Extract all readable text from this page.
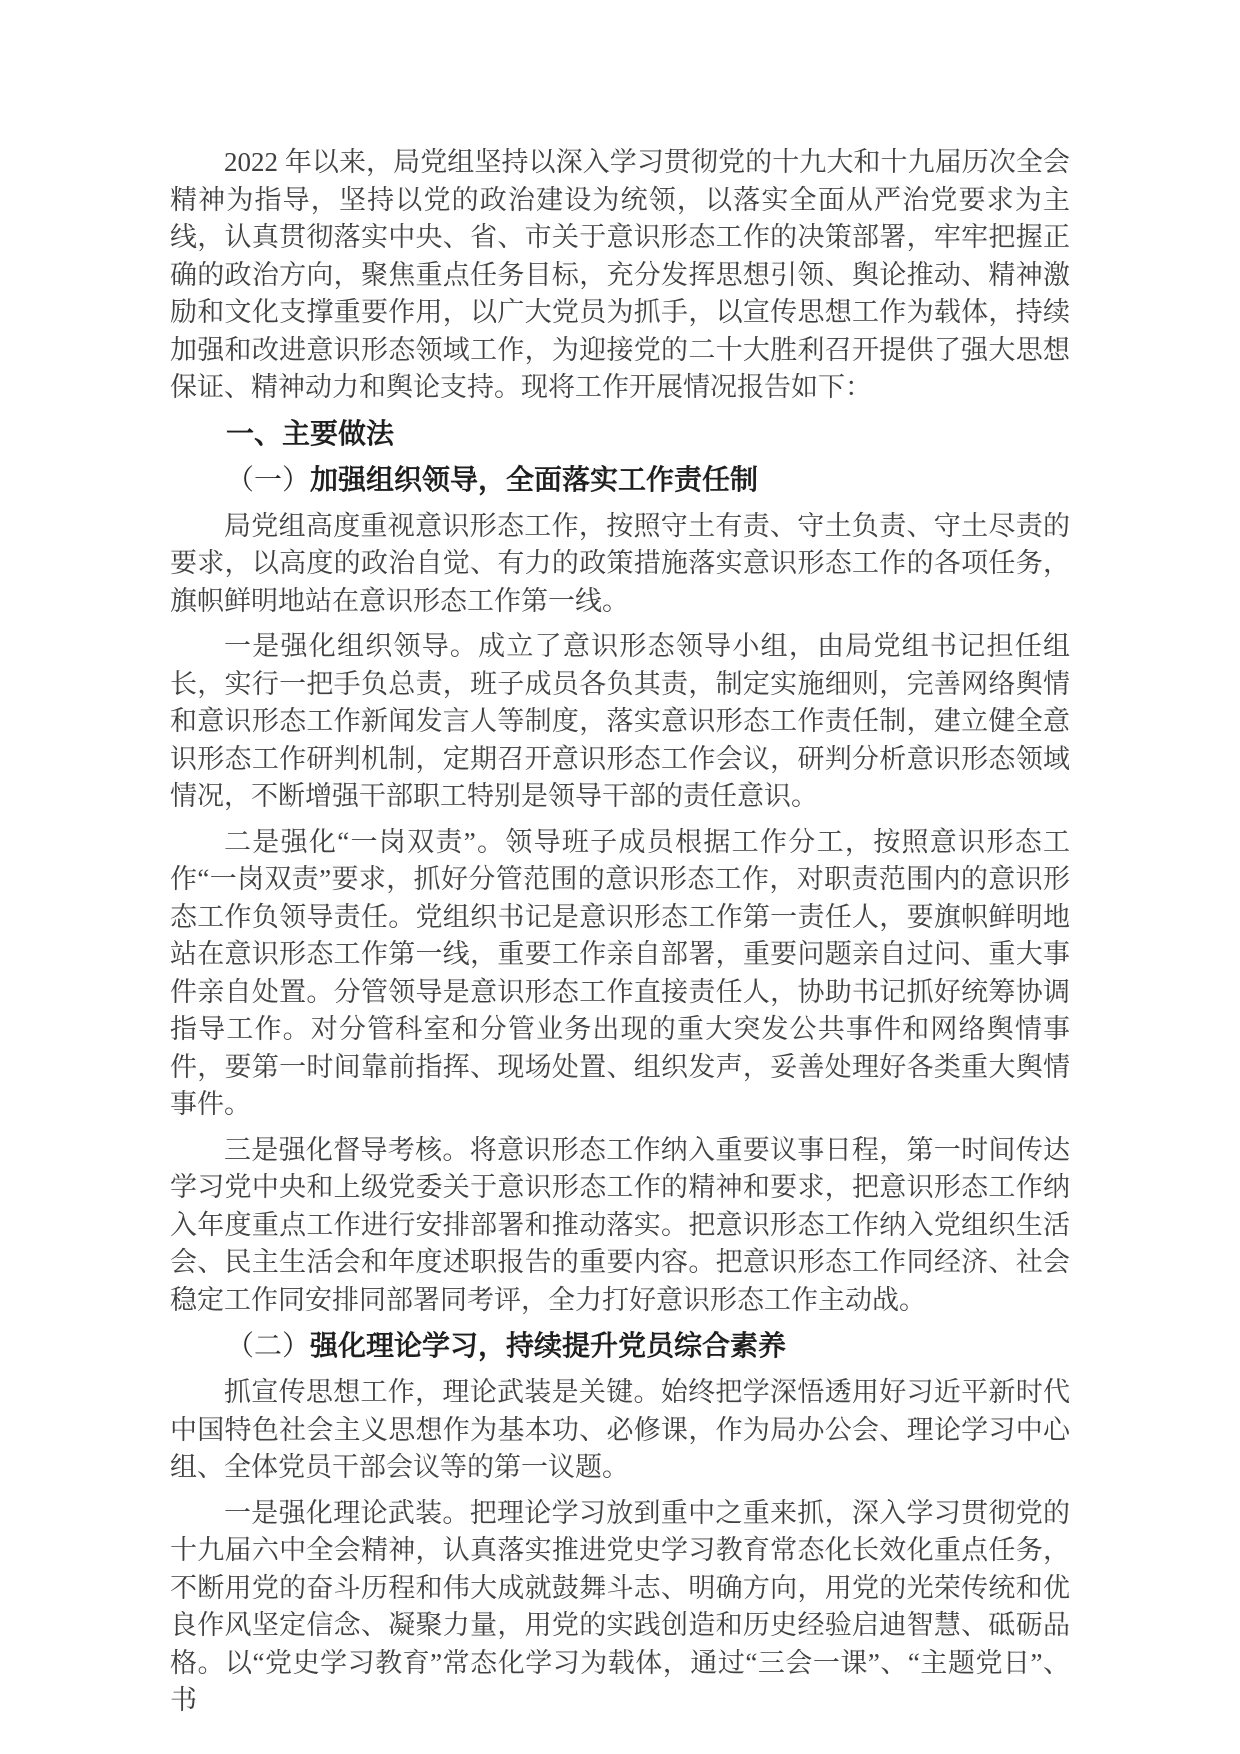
2022 年以来，局党组坚持以深入学习贯彻党的十九大和十九届历次全会精神为指导，坚持以党的政治建设为统领，以落实全面从严治党要求为主线，认真贯彻落实中央、省、市关于意识形态工作的决策部署，牢牢把握正确的政治方向，聚焦重点任务目标，充分发挥思想引领、舆论推动、精神激励和文化支撑重要作用，以广大党员为抓手，以宣传思想工作为载体，持续加强和改进意识形态领域工作，为迎接党的二十大胜利召开提供了强大思想保证、精神动力和舆论支持。现将工作开展情况报告如下：

一、主要做法
（一）加强组织领导，全面落实工作责任制

局党组高度重视意识形态工作，按照守土有责、守土负责、守土尽责的要求，以高度的政治自觉、有力的政策措施落实意识形态工作的各项任务，旗帜鲜明地站在意识形态工作第一线。

一是强化组织领导。成立了意识形态领导小组，由局党组书记担任组长，实行一把手负总责，班子成员各负其责，制定实施细则，完善网络舆情和意识形态工作新闻发言人等制度，落实意识形态工作责任制，建立健全意识形态工作研判机制，定期召开意识形态工作会议，研判分析意识形态领域情况，不断增强干部职工特别是领导干部的责任意识。

二是强化“一岗双责”。领导班子成员根据工作分工，按照意识形态工作“一岗双责”要求，抓好分管范围的意识形态工作，对职责范围内的意识形态工作负领导责任。党组织书记是意识形态工作第一责任人，要旗帜鲜明地站在意识形态工作第一线，重要工作亲自部署，重要问题亲自过问、重大事件亲自处置。分管领导是意识形态工作直接责任人，协助书记抓好统筹协调指导工作。对分管科室和分管业务出现的重大突发公共事件和网络舆情事件，要第一时间靠前指挥、现场处置、组织发声，妥善处理好各类重大舆情事件。

三是强化督导考核。将意识形态工作纳入重要议事日程，第一时间传达学习党中央和上级党委关于意识形态工作的精神和要求，把意识形态工作纳入年度重点工作进行安排部署和推动落实。把意识形态工作纳入党组织生活会、民主生活会和年度述职报告的重要内容。把意识形态工作同经济、社会稳定工作同安排同部署同考评，全力打好意识形态工作主动战。

（二）强化理论学习，持续提升党员综合素养

抓宣传思想工作，理论武装是关键。始终把学深悟透用好习近平新时代中国特色社会主义思想作为基本功、必修课，作为局办公会、理论学习中心组、全体党员干部会议等的第一议题。

一是强化理论武装。把理论学习放到重中之重来抓，深入学习贯彻党的十九届六中全会精神，认真落实推进党史学习教育常态化长效化重点任务，不断用党的奋斗历程和伟大成就鼓舞斗志、明确方向，用党的光荣传统和优良作风坚定信念、凝聚力量，用党的实践创造和历史经验启迪智慧、砥砺品格。以“党史学习教育”常态化学习为载体，通过“三会一课”、“主题党日”、书
